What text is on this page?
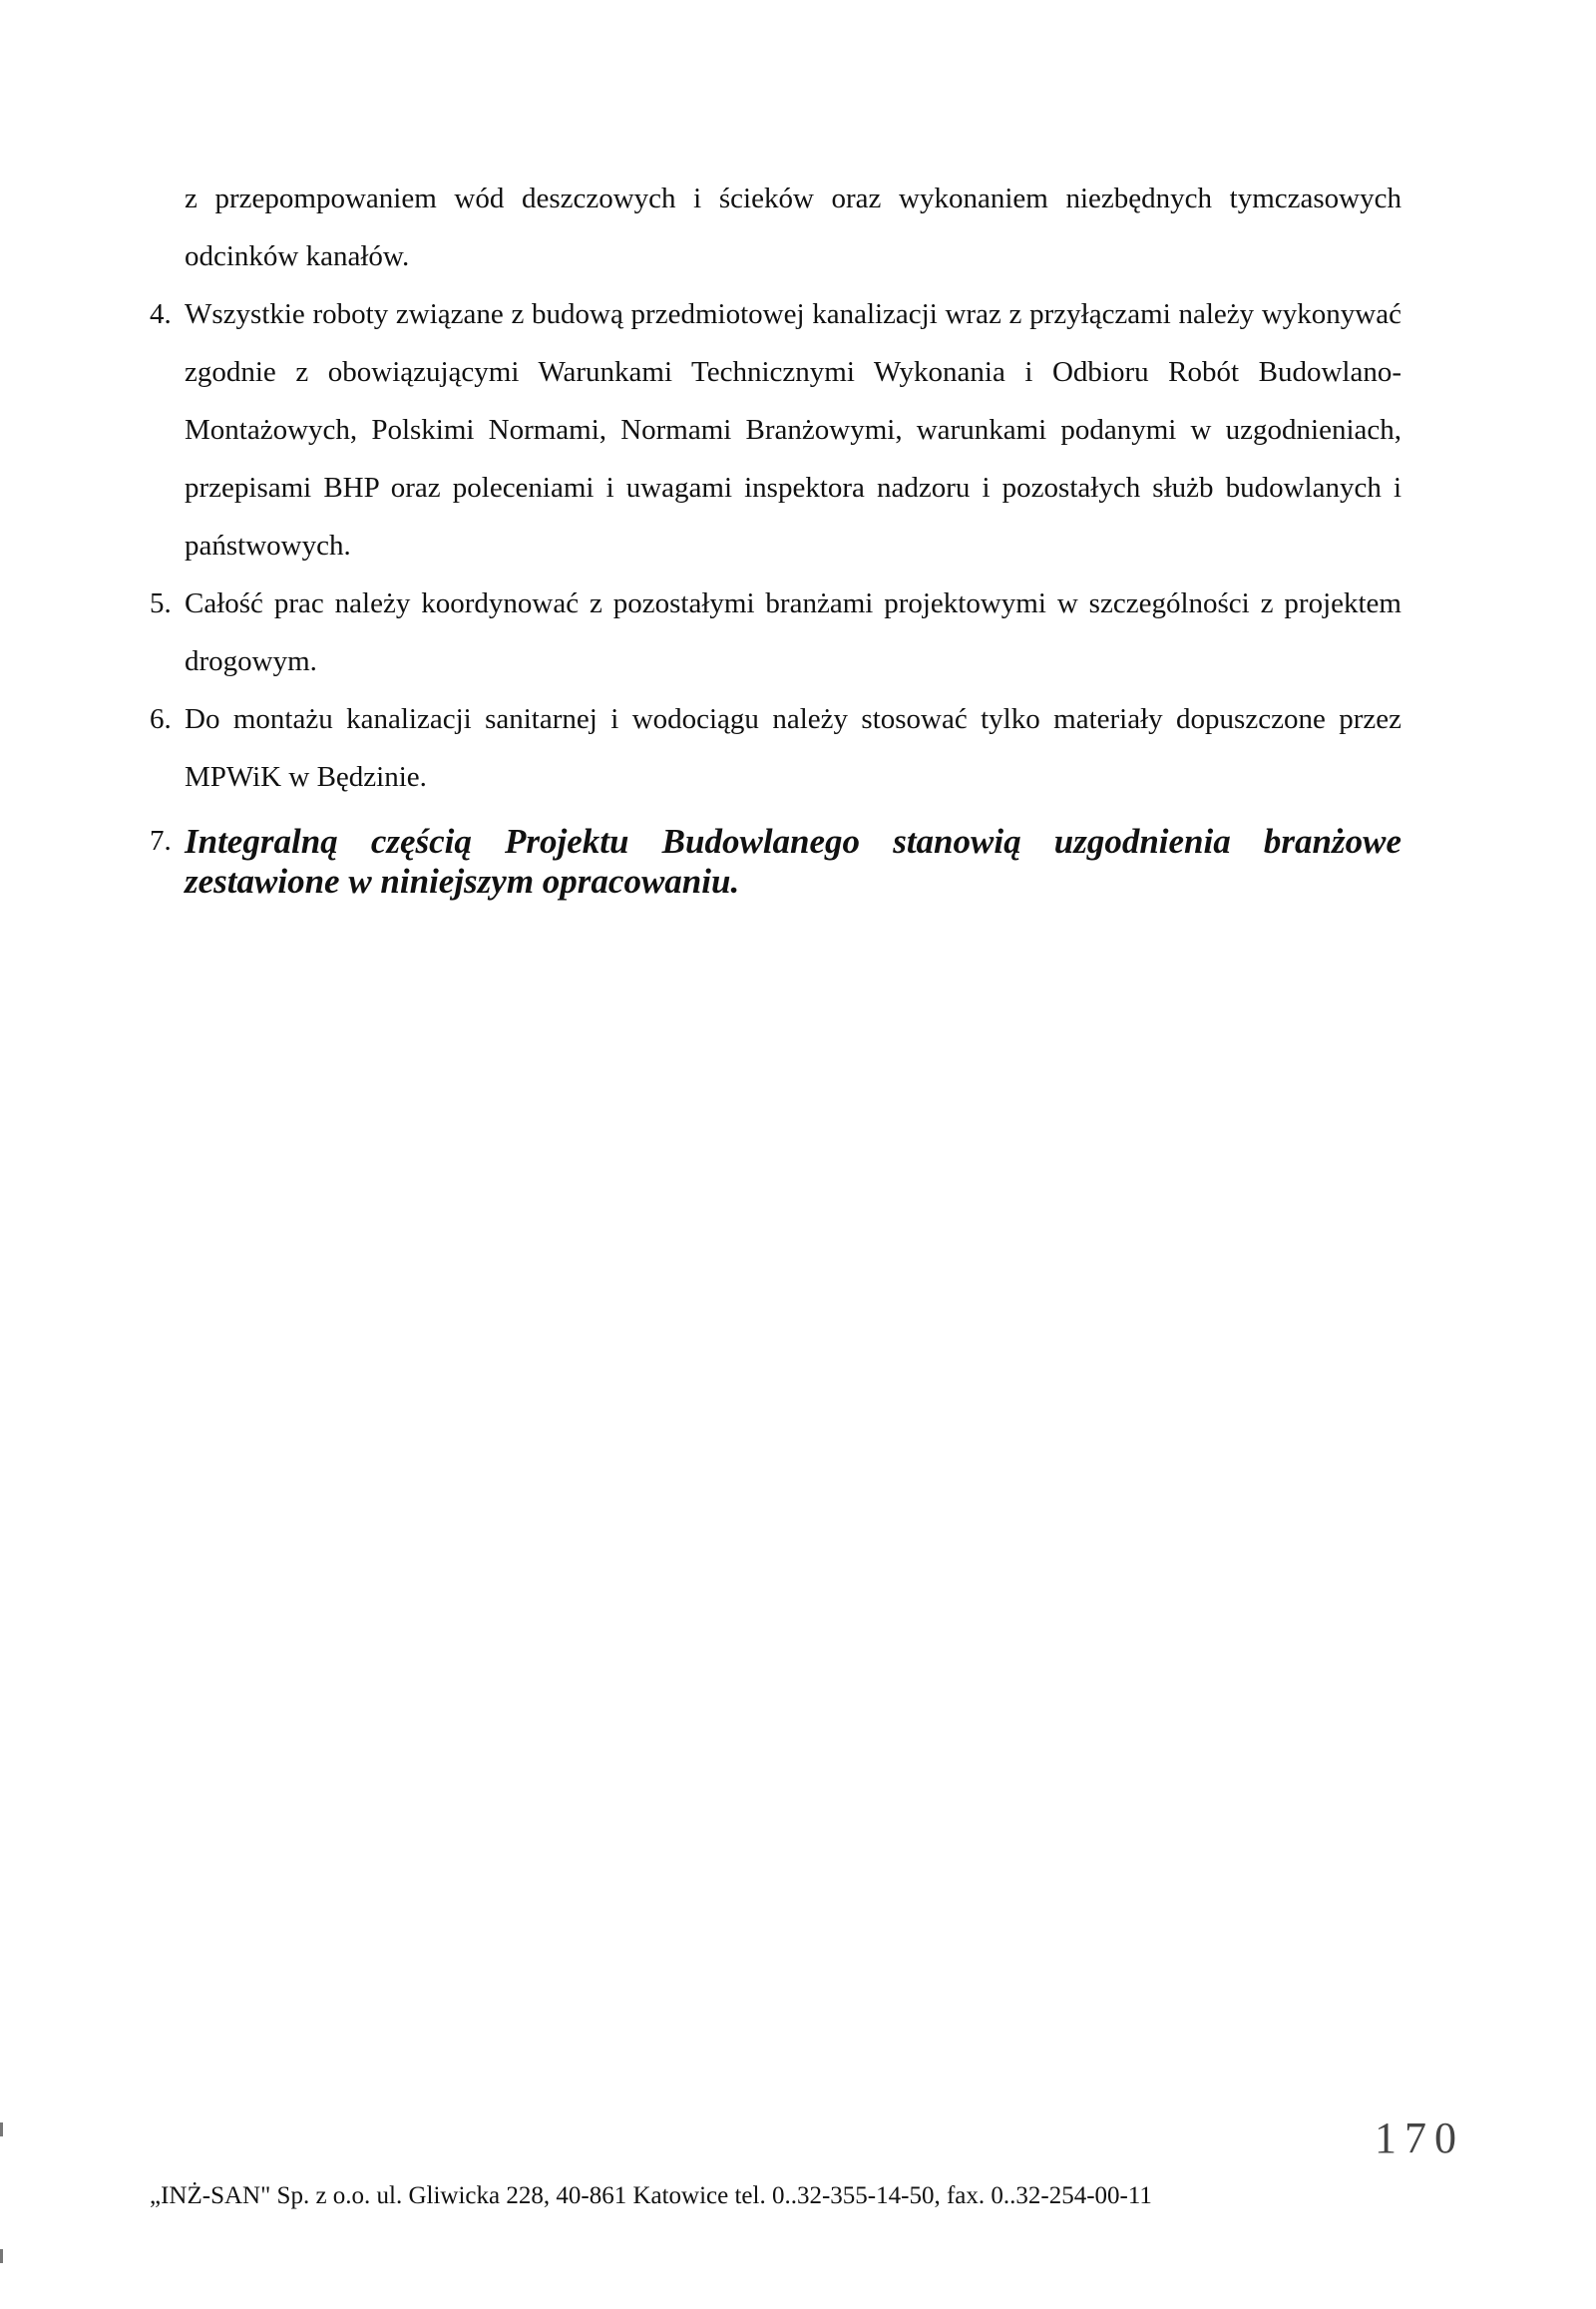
z przepompowaniem wód deszczowych i ścieków oraz wykonaniem niezbędnych tymczasowych odcinków kanałów.

4. Wszystkie roboty związane z budową przedmiotowej kanalizacji wraz z przyłączami należy wykonywać zgodnie z obowiązującymi Warunkami Technicznymi Wykonania i Odbioru Robót Budowlano-Montażowych, Polskimi Normami, Normami Branżowymi, warunkami podanymi w uzgodnieniach, przepisami BHP oraz poleceniami i uwagami inspektora nadzoru i pozostałych służb budowlanych i państwowych.
5. Całość prac należy koordynować z pozostałymi branżami projektowymi w szczególności z projektem drogowym.
6. Do montażu kanalizacji sanitarnej i wodociągu należy stosować tylko materiały dopuszczone przez MPWiK w Będzinie.
7. Integralną częścią Projektu Budowlanego stanowią uzgodnienia branżowe zestawione w niniejszym opracowaniu.
170
„INŻ-SAN" Sp. z o.o. ul. Gliwicka 228, 40-861 Katowice tel. 0..32-355-14-50, fax. 0..32-254-00-11
